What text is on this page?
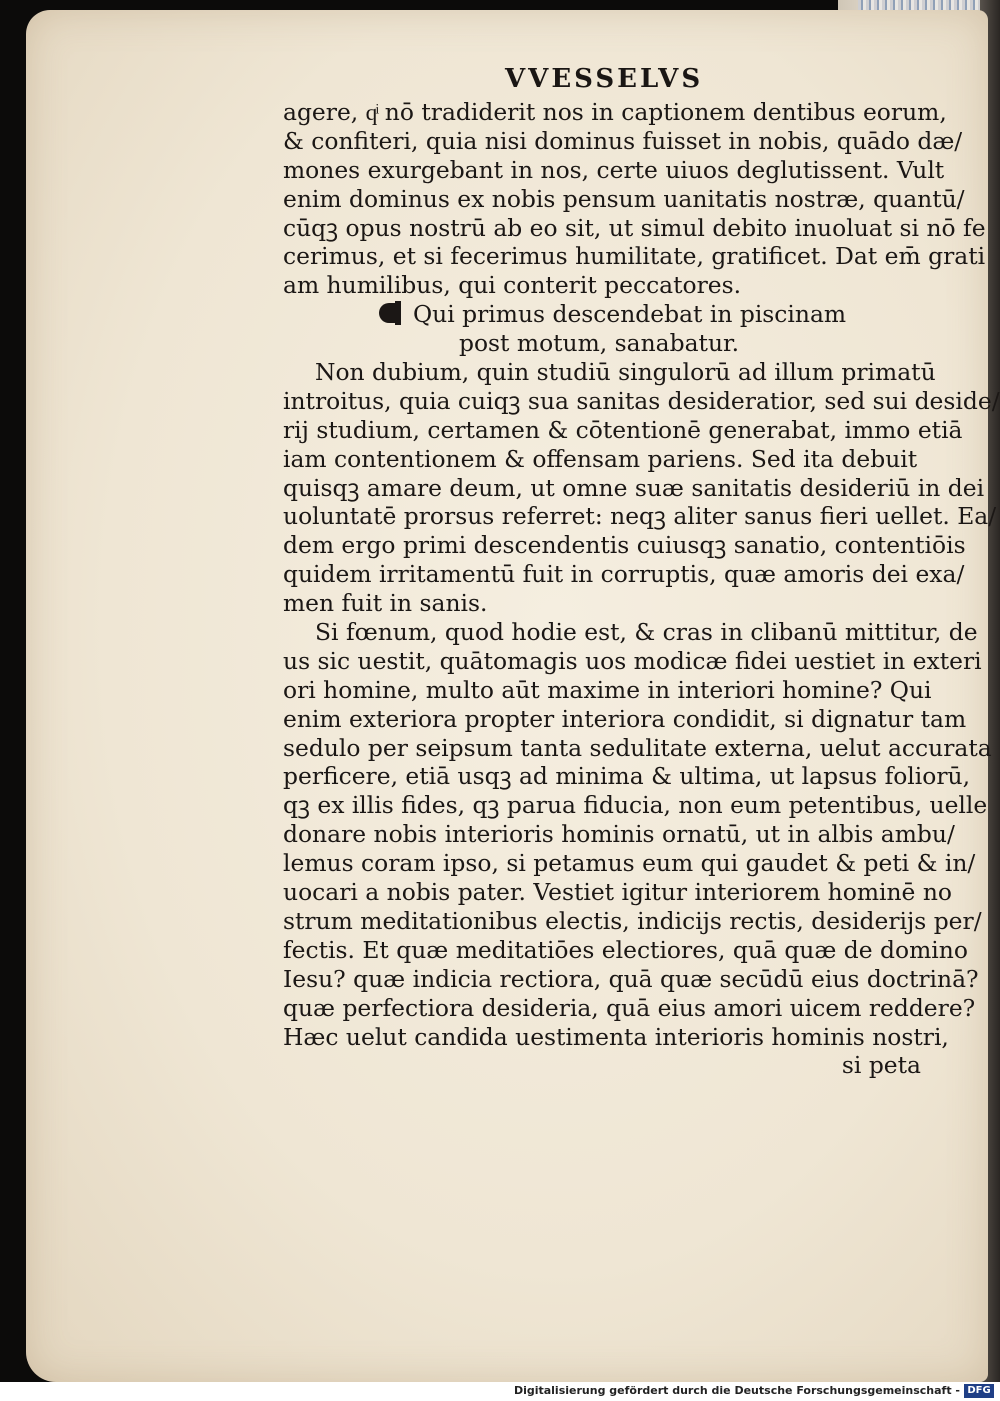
VVESSELVS
agere, qͥ nō tradiderit nos in captionem dentibus eorum,
& confiteri, quia nisi dominus fuisset in nobis, quādo dæ/
mones exurgebant in nos, certe uiuos deglutissent. Vult
enim dominus ex nobis pensum uanitatis nostræ, quantū/
cūqꝫ opus nostrū ab eo sit, ut simul debito inuoluat si nō fe
cerimus, et si fecerimus humilitate, gratificet. Dat em̄ grati
am humilibus, qui conterit peccatores.
Qui primus descendebat in piscinam
post motum, sanabatur.
Non dubium, quin studiū singulorū ad illum primatū
introitus, quia cuiqꝫ sua sanitas desideratior, sed sui deside/
rij studium, certamen & cōtentionē generabat, immo etiā
iam contentionem & offensam pariens. Sed ita debuit
quisqꝫ amare deum, ut omne suæ sanitatis desideriū in dei
uoluntatē prorsus referret: neqꝫ aliter sanus fieri uellet. Ea/
dem ergo primi descendentis cuiusqꝫ sanatio, contentiōis
quidem irritamentū fuit in corruptis, quæ amoris dei exa/
men fuit in sanis.
Si fœnum, quod hodie est, & cras in clibanū mittitur, de
us sic uestit, quātomagis uos modicæ fidei uestiet in exteri
ori homine, multo aūt maxime in interiori homine? Qui
enim exteriora propter interiora condidit, si dignatur tam
sedulo per seipsum tanta sedulitate externa, uelut accurata
perficere, etiā usqꝫ ad minima & ultima, ut lapsus foliorū,
qꝫ ex illis fides, qꝫ parua fiducia, non eum petentibus, uelle
donare nobis interioris hominis ornatū, ut in albis ambu/
lemus coram ipso, si petamus eum qui gaudet & peti & in/
uocari a nobis pater. Vestiet igitur interiorem hominē no
strum meditationibus electis, indicijs rectis, desiderijs per/
fectis. Et quæ meditatiōes electiores, quā quæ de domino
Iesu? quæ indicia rectiora, quā quæ secūdū eius doctrinā?
quæ perfectiora desideria, quā eius amori uicem reddere?
Hæc uelut candida uestimenta interioris hominis nostri,
si peta
Digitalisierung gefördert durch die Deutsche Forschungsgemeinschaft - DFG
